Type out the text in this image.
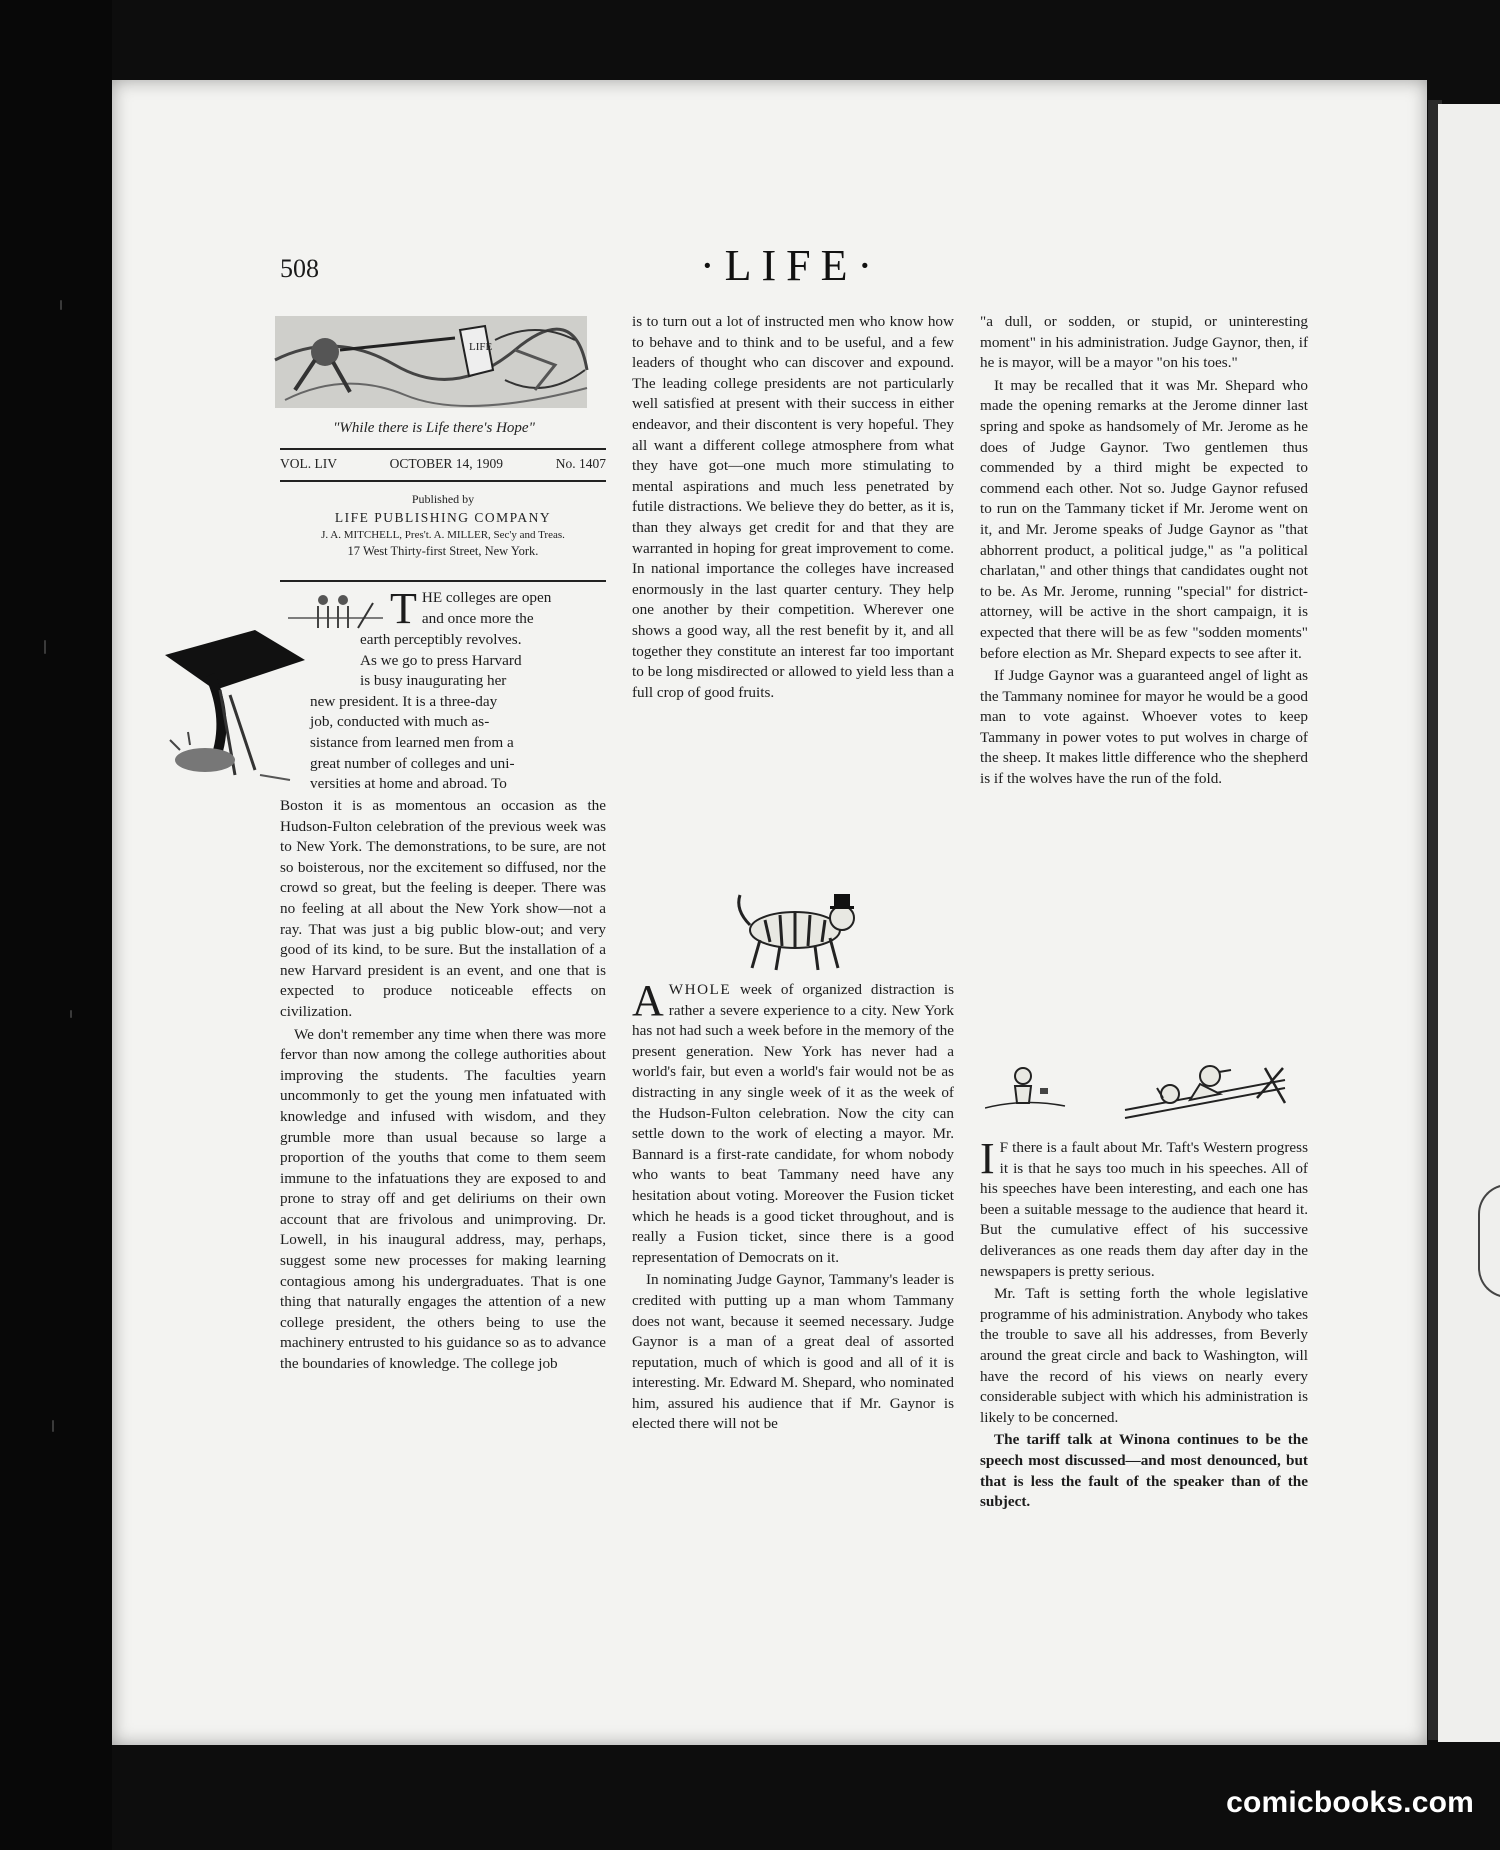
508	·LIFE·
LIFE
"While there is Life there's Hope"
VOL. LIV	OCTOBER 14, 1909	No. 1407
Published by
LIFE PUBLISHING COMPANY
J. A. MITCHELL, Pres't. A. MILLER, Sec'y and Treas.
17 West Thirty-first Street, New York.
T HE colleges are open
and once more the
earth perceptibly revolves.
As we go to press Harvard
is busy inaugurating her
new president. It is a three-day
job, conducted with much as-
sistance from learned men from a
great number of colleges and uni-
versities at home and abroad. To

Boston it is as momentous an occasion as the Hudson-Fulton celebration of the previous week was to New York. The demonstrations, to be sure, are not so boisterous, nor the excitement so diffused, nor the crowd so great, but the feeling is deeper. There was no feeling at all about the New York show—not a ray. That was just a big public blow-out; and very good of its kind, to be sure. But the installation of a new Harvard president is an event, and one that is expected to produce noticeable effects on civilization.

We don't remember any time when there was more fervor than now among the college authorities about improving the students. The faculties yearn uncommonly to get the young men infatuated with knowledge and infused with wisdom, and they grumble more than usual because so large a proportion of the youths that come to them seem immune to the infatuations they are exposed to and prone to stray off and get deliriums on their own account that are frivolous and unimproving. Dr. Lowell, in his inaugural address, may, perhaps, suggest some new processes for making learning contagious among his undergraduates. That is one thing that naturally engages the attention of a new college president, the others being to use the machinery entrusted to his guidance so as to advance the boundaries of knowledge. The college job

is to turn out a lot of instructed men who know how to behave and to think and to be useful, and a few leaders of thought who can discover and expound. The leading college presidents are not particularly well satisfied at present with their success in either endeavor, and their discontent is very hopeful. They all want a different college atmosphere from what they have got—one much more stimulating to mental aspirations and much less penetrated by futile distractions. We believe they do better, as it is, than they always get credit for and that they are warranted in hoping for great improvement to come. In national importance the colleges have increased enormously in the last quarter century. They help one another by their competition. Wherever one shows a good way, all the rest benefit by it, and all together they constitute an interest far too important to be long misdirected or allowed to yield less than a full crop of good fruits.

AWHOLE week of organized distraction is rather a severe experience to a city. New York has not had such a week before in the memory of the present generation. New York has never had a world's fair, but even a world's fair would not be as distracting in any single week of it as the week of the Hudson-Fulton celebration. Now the city can settle down to the work of electing a mayor. Mr. Bannard is a first-rate candidate, for whom nobody who wants to beat Tammany need have any hesitation about voting. Moreover the Fusion ticket which he heads is a good ticket throughout, and is really a Fusion ticket, since there is a good representation of Democrats on it.

In nominating Judge Gaynor, Tammany's leader is credited with putting up a man whom Tammany does not want, because it seemed necessary. Judge Gaynor is a man of a great deal of assorted reputation, much of which is good and all of it is interesting. Mr. Edward M. Shepard, who nominated him, assured his audience that if Mr. Gaynor is elected there will not be

"a dull, or sodden, or stupid, or uninteresting moment" in his administration. Judge Gaynor, then, if he is mayor, will be a mayor "on his toes."

It may be recalled that it was Mr. Shepard who made the opening remarks at the Jerome dinner last spring and spoke as handsomely of Mr. Jerome as he does of Judge Gaynor. Two gentlemen thus commended by a third might be expected to commend each other. Not so. Judge Gaynor refused to run on the Tammany ticket if Mr. Jerome went on it, and Mr. Jerome speaks of Judge Gaynor as "that abhorrent product, a political judge," as "a political charlatan," and other things that candidates ought not to be. As Mr. Jerome, running "special" for district-attorney, will be active in the short campaign, it is expected that there will be as few "sodden moments" before election as Mr. Shepard expects to see after it.

If Judge Gaynor was a guaranteed angel of light as the Tammany nominee for mayor he would be a good man to vote against. Whoever votes to keep Tammany in power votes to put wolves in charge of the sheep. It makes little difference who the shepherd is if the wolves have the run of the fold.

I F there is a fault about Mr. Taft's Western progress it is that he says too much in his speeches. All of his speeches have been interesting, and each one has been a suitable message to the audience that heard it. But the cumulative effect of his successive deliverances as one reads them day after day in the newspapers is pretty serious.

Mr. Taft is setting forth the whole legislative programme of his administration. Anybody who takes the trouble to save all his addresses, from Beverly around the great circle and back to Washington, will have the record of his views on nearly every considerable subject with which his administration is likely to be concerned.

The tariff talk at Winona continues to be the speech most discussed—and most denounced, but that is less the fault of the speaker than of the subject.

comicbooks.com
